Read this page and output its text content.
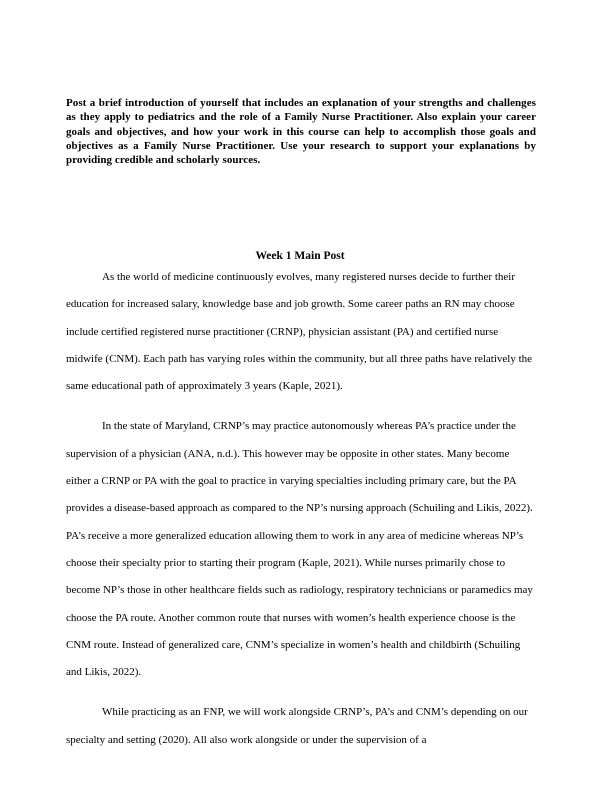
Post a brief introduction of yourself that includes an explanation of your strengths and challenges as they apply to pediatrics and the role of a Family Nurse Practitioner. Also explain your career goals and objectives, and how your work in this course can help to accomplish those goals and objectives as a Family Nurse Practitioner. Use your research to support your explanations by providing credible and scholarly sources.
Week 1 Main Post

As the world of medicine continuously evolves, many registered nurses decide to further their education for increased salary, knowledge base and job growth. Some career paths an RN may choose include certified registered nurse practitioner (CRNP), physician assistant (PA) and certified nurse midwife (CNM). Each path has varying roles within the community, but all three paths have relatively the same educational path of approximately 3 years (Kaple, 2021).

In the state of Maryland, CRNP’s may practice autonomously whereas PA’s practice under the supervision of a physician (ANA, n.d.). This however may be opposite in other states. Many become either a CRNP or PA with the goal to practice in varying specialties including primary care, but the PA provides a disease-based approach as compared to the NP’s nursing approach (Schuiling and Likis, 2022). PA’s receive a more generalized education allowing them to work in any area of medicine whereas NP’s choose their specialty prior to starting their program (Kaple, 2021). While nurses primarily chose to become NP’s those in other healthcare fields such as radiology, respiratory technicians or paramedics may choose the PA route. Another common route that nurses with women’s health experience choose is the CNM route. Instead of generalized care, CNM’s specialize in women’s health and childbirth (Schuiling and Likis, 2022).

While practicing as an FNP, we will work alongside CRNP’s, PA’s and CNM’s depending on our specialty and setting (2020). All also work alongside or under the supervision of a
